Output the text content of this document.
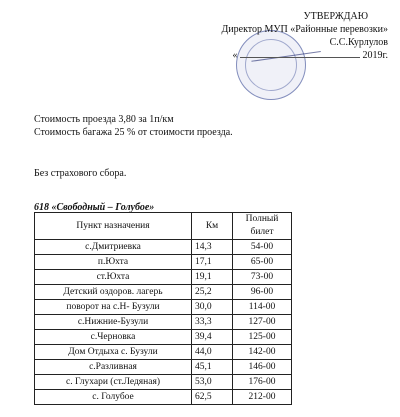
УТВЕРЖДАЮ
Директор МУП «Районные перевозки»
С.С.Курлулов
«	2019г.
Стоимость проезда 3,80 за 1п/км
Стоимость багажа 25 % от стоимости проезда.
Без страхового сбора.
618 «Свободный – Голубое»
Пункт назначения	Км	Полный билет
с.Дмитриевка	14,3	54-00
п.Юхта	17,1	65-00
ст.Юхта	19,1	73-00
Детский оздоров. лагерь	25,2	96-00
поворот на с.Н- Бузули	30,0	114-00
с.Нижние-Бузули	33,3	127-00
с.Черновка	39,4	125-00
Дом Отдыха с. Бузули	44,0	142-00
с.Разливная	45,1	146-00
с. Глухари (ст.Ледяная)	53,0	176-00
с. Голубое	62,5	212-00
